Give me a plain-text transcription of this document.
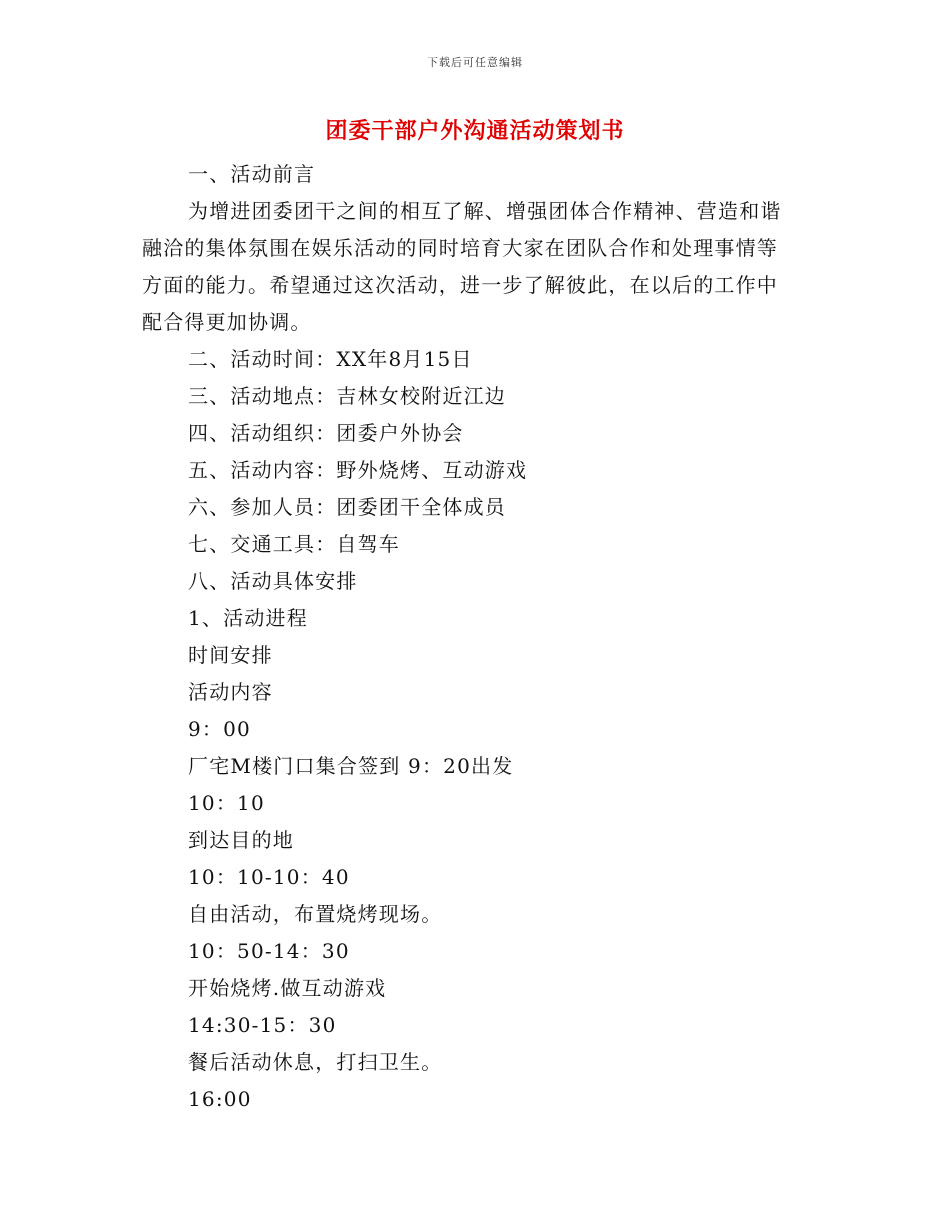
下载后可任意编辑
团委干部户外沟通活动策划书

一、活动前言

为增进团委团干之间的相互了解、增强团体合作精神、营造和谐

融洽的集体氛围在娱乐活动的同时培育大家在团队合作和处理事情等

方面的能力。希望通过这次活动，进一步了解彼此，在以后的工作中

配合得更加协调。

二、活动时间：XX年8月15日

三、活动地点：吉林女校附近江边

四、活动组织：团委户外协会

五、活动内容：野外烧烤、互动游戏

六、参加人员：团委团干全体成员

七、交通工具：自驾车

八、活动具体安排

1、活动进程

时间安排

活动内容

9：00

厂宅M楼门口集合签到 9：20出发

10：10

到达目的地

10：10-10：40

自由活动，布置烧烤现场。

10：50-14：30

开始烧烤.做互动游戏

14:30-15：30

餐后活动休息，打扫卫生。

16:00
